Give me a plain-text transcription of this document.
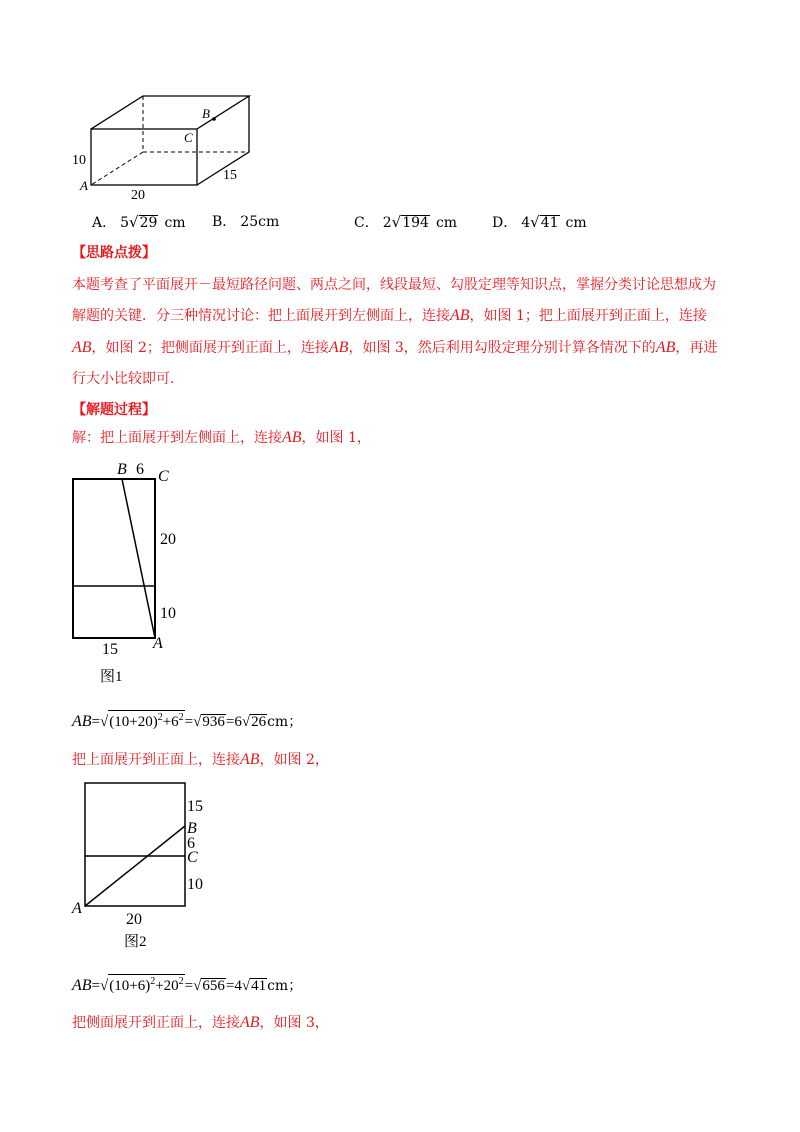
B
C
A
10
20
15
A． 5√29 cm B． 25cm	C． 2√194 cm D． 4√41 cm
【思路点拨】
本题考查了平面展开－最短路径问题、两点之间，线段最短、勾股定理等知识点，掌握分类讨论思想成为
解题的关键．分三种情况讨论：把上面展开到左侧面上，连接AB，如图 1；把上面展开到正面上，连接
AB，如图 2；把侧面展开到正面上，连接AB，如图 3，然后利用勾股定理分别计算各情况下的AB，再进
行大小比较即可．
【解题过程】
解：把上面展开到左侧面上，连接AB，如图 1，
B 6 C
20
10
15 A
图1
$AB=√(10+20)^2+6^2=√936=6√26cm$；
把上面展开到正面上，连接AB，如图 2，
15
B
6
C
10
A
20
图2
$AB=√(10+6)^2+20^2=√656=4√41cm$；
把侧面展开到正面上，连接AB，如图 3，
